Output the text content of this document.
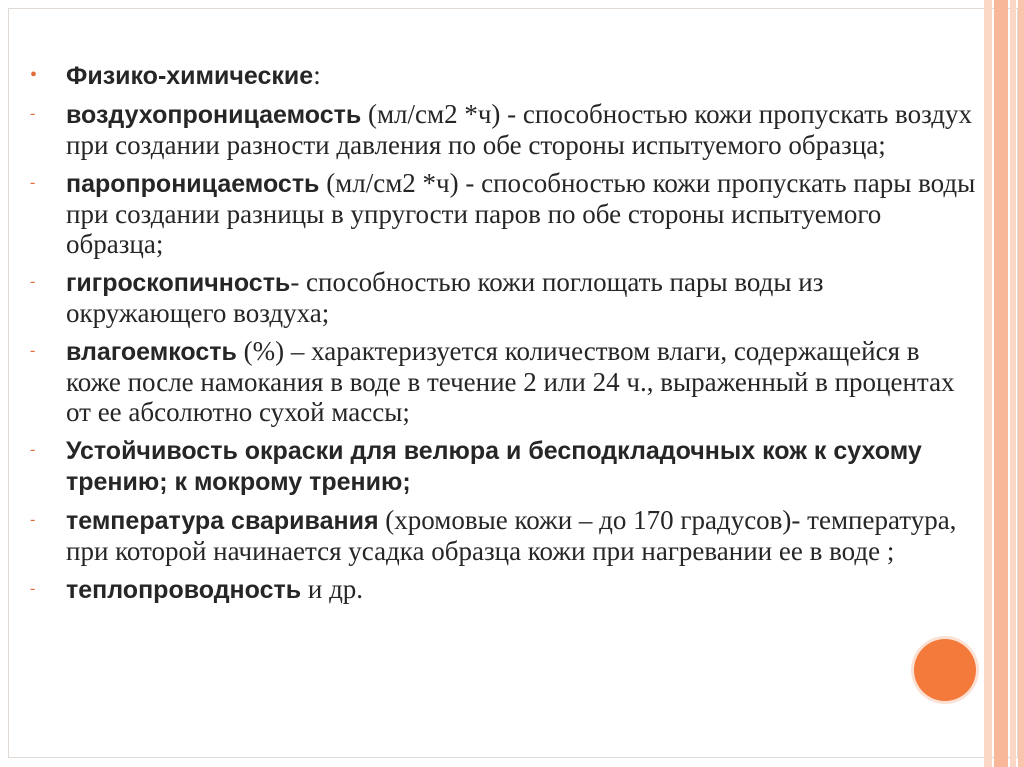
•	Физико-химические:
-	воздухопроницаемость (мл/см2 *ч) - способностью кожи пропускать воздух при создании разности давления по обе стороны испытуемого образца;
-	паропроницаемость (мл/см2 *ч) - способностью кожи пропускать пары воды при создании разницы в упругости паров по обе стороны испытуемого образца;
-	гигроскопичность- способностью кожи поглощать пары воды из окружающего воздуха;
-	влагоемкость (%) – характеризуется количеством влаги, содержащейся в коже после намокания в воде в течение 2 или 24 ч., выраженный в процентах от ее абсолютно сухой массы;
-	Устойчивость окраски для велюра и бесподкладочных кож к сухому трению; к мокрому трению;
-	температура сваривания (хромовые кожи – до 170 градусов)- температура, при которой начинается усадка образца кожи при нагревании ее в воде ;
-	теплопроводность и др.
